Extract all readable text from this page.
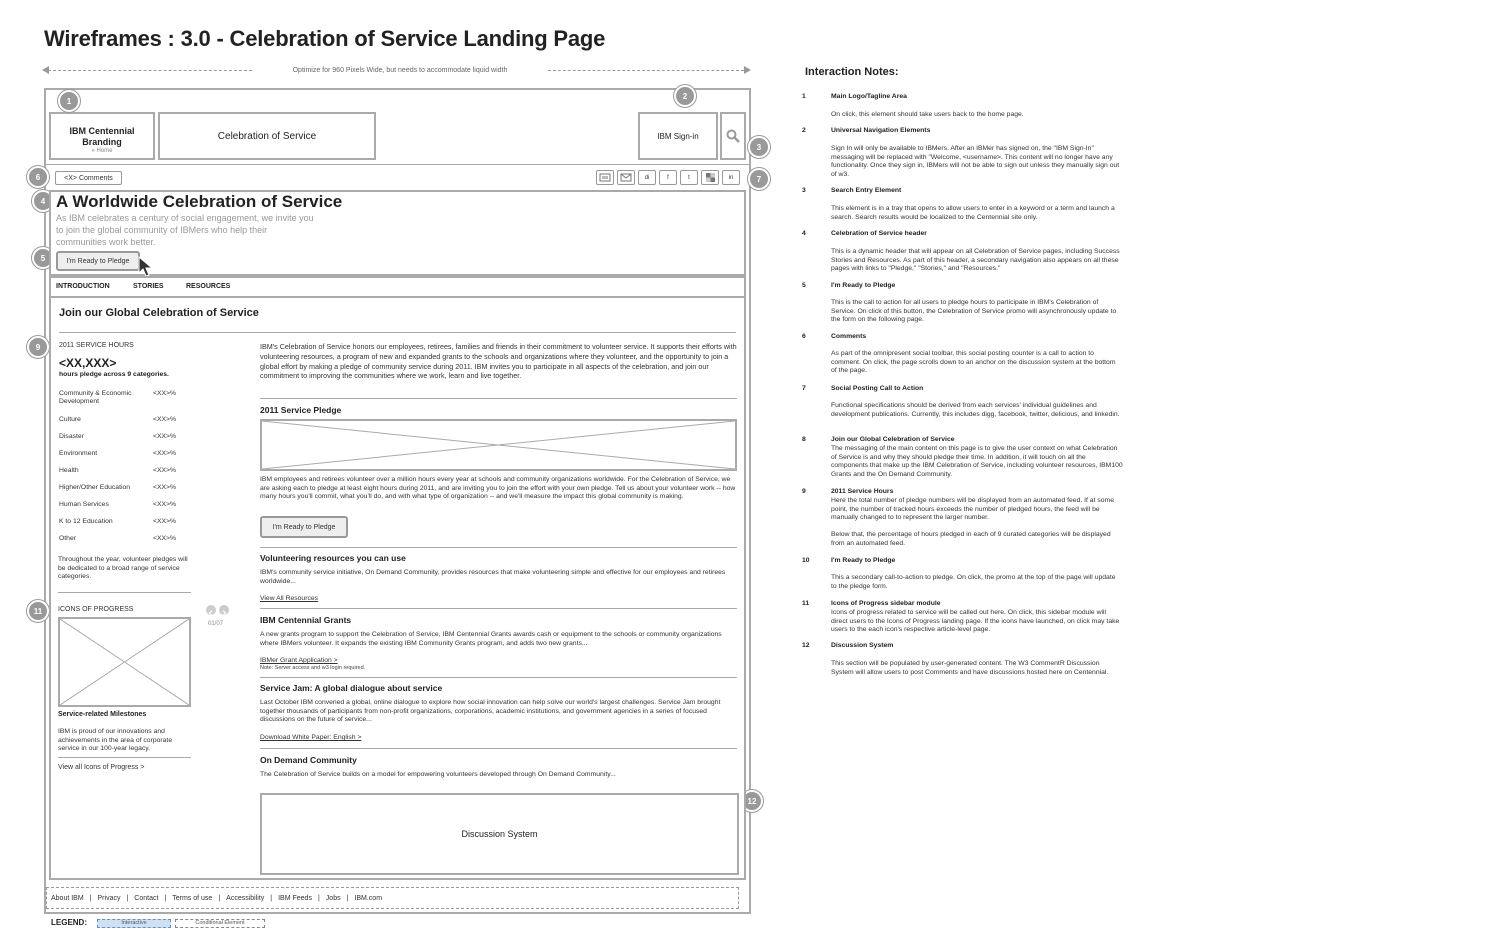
Wireframes : 3.0 - Celebration of Service Landing Page
Optimize for 960 Pixels Wide, but needs to accommodate liquid width
IBM Centennial
Branding
» Home
Celebration of Service	IBM Sign-in
1
2
3
4
5
6	7
9
11
12
<X> Comments	di	f	t	in
A Worldwide Celebration of Service
As IBM celebrates a century of social engagement, we invite you
to join the global community of IBMers who help their
communities work better.
I'm Ready to Pledge
INTRODUCTION	STORIES	RESOURCES
Join our Global Celebration of Service
2011 SERVICE HOURS
<XX,XXX>
hours pledge across 9 categories.
Community & Economic Development
<XX>%
Culture	<XX>%
Disaster	<XX>%
Environment	<XX>%
Health	<XX>%
Higher/Other Education	<XX>%
Human Services	<XX>%
K to 12 Education	<XX>%
Other	<XX>%
Throughout the year, volunteer pledges will be dedicated to a broad range of service categories.
ICONS OF PROGRESS
01/07
Service-related Milestones
IBM is proud of our innovations and achievements in the area of corporate service in our 100-year legacy.
View all Icons of Progress >
IBM's Celebration of Service honors our employees, retirees, families and friends in their commitment to volunteer service. It supports their efforts with volunteering resources, a program of new and expanded grants to the schools and organizations where they volunteer, and the opportunity to join a global effort by making a pledge of community service during 2011. IBM invites you to participate in all aspects of the celebration, and join our commitment to improving the communities where we work, learn and live together.
2011 Service Pledge
IBM employees and retirees volunteer over a million hours every year at schools and community organizations worldwide. For the Celebration of Service, we are asking each to pledge at least eight hours during 2011, and are inviting you to join the effort with your own pledge. Tell us about your volunteer work -- how many hours you'll commit, what you'll do, and with what type of organization -- and we'll measure the impact this global community is making.
I'm Ready to Pledge
Volunteering resources you can use
IBM's community service initiative, On Demand Community, provides resources that make volunteering simple and effective for our employees and retirees worldwide...
View All Resources
IBM Centennial Grants
A new grants program to support the Celebration of Service, IBM Centennial Grants awards cash or equipment to the schools or community organizations where IBMers volunteer. It expands the existing IBM Community Grants program, and adds two new grants...
IBMer Grant Application >
Note: Server access and w3 login required.
Service Jam: A global dialogue about service
Last October IBM convened a global, online dialogue to explore how social innovation can help solve our world's largest challenges. Service Jam brought together thousands of participants from non-profit organizations, corporations, academic institutions, and government agencies in a series of focused discussions on the future of service...
Download White Paper: English >
On Demand Community
The Celebration of Service builds on a model for empowering volunteers developed through On Demand Community...
Discussion System
About IBM | Privacy | Contact | Terms of use | Accessibility | IBM Feeds | Jobs | IBM.com
LEGEND:	Interactive	Conditional Element
Interaction Notes:
1	Main Logo/Tagline Area
On click, this element should take users back to the home page.
2	Universal Navigation Elements
Sign In will only be available to IBMers. After an IBMer has signed on, the "IBM Sign-In" messaging will be replaced with "Welcome, <username>. This content will no longer have any functionality. Once they sign in, IBMers will not be able to sign out unless they manually sign out of w3.
3	Search Entry Element
This element is in a tray that opens to allow users to enter in a keyword or a term and launch a search. Search results would be localized to the Centennial site only.
4	Celebration of Service header
This is a dynamic header that will appear on all Celebration of Service pages, including Success Stories and Resources. As part of this header, a secondary navigation also appears on all these pages with links to "Pledge," "Stories," and "Resources."
5	I'm Ready to Pledge
This is the call to action for all users to pledge hours to participate in IBM's Celebration of Service. On click of this button, the Celebration of Service promo will asynchronously update to the form on the following page.
6	Comments
As part of the omnipresent social toolbar, this social posting counter is a call to action to comment. On click, the page scrolls down to an anchor on the discussion system at the bottom of the page.
7	Social Posting Call to Action
Functional specifications should be derived from each services' individual guidelines and development publications. Currently, this includes digg, facebook, twitter, delicious, and linkedin.
8	Join our Global Celebration of Service
The messaging of the main content on this page is to give the user context on what Celebration of Service is and why they should pledge their time. In addition, it will touch on all the components that make up the IBM Celebration of Service, including volunteer resources, IBM100 Grants and the On Demand Community.
9	2011 Service Hours
Here the total number of pledge numbers will be displayed from an automated feed. If at some point, the number of tracked hours exceeds the number of pledged hours, the feed will be manually changed to to represent the larger number.
Below that, the percentage of hours pledged in each of 9 curated categories will be displayed from an automated feed.
10	I'm Ready to Pledge
This a secondary call-to-action to pledge. On click, the promo at the top of the page will update to the pledge form.
11	Icons of Progress sidebar module
Icons of progress related to service will be called out here. On click, this sidebar module will direct users to the Icons of Progress landing page. If the icons have launched, on click may take users to the each icon's respective article-level page.
12	Discussion System
This section will be populated by user-generated content. The W3 CommentR Discussion System will allow users to post Comments and have discussions hosted here on Centennial.
